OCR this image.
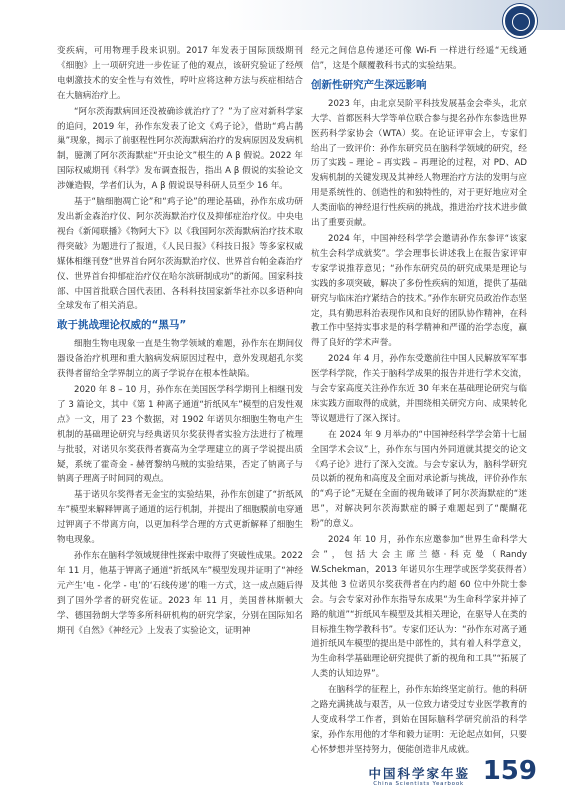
变疾病，可用物理手段来识别。2017 年发表于国际顶级期刊《细胞》上一项研究进一步佐证了他的观点，该研究验证了经颅电刺激技术的安全性与有效性，哼叶应将这种方法与疾症相结合在大脑病治疗上。

“阿尔茨海默病回还没被确诊就治疗了？”为了应对新科学家的追问，2019 年，孙作东发表了论文《鸡子论》，借助“鸡占鹊巢”现象，揭示了前驱程性阿尔茨海默病治疗的发病原因及发病机制，臆测了阿尔茨海默症“开虫论文”根生的 A β 假说。2022 年国际权威期刊《科学》发布调查报告，指出 A β 假说的实验论文涉嫌造假，学者们认为，A β 假说误导科研人员至少 16 年。

基于“脑细胞凋亡论”和“鸡子论”的理论基础，孙作东成功研发出新金森治疗仪、阿尔茨海默治疗仪及抑郁症治疗仪。中央电视台《新闻联播》《物阿大下》以《我国阿尔茨海默病治疗技术取得突破》为题进行了报道，《人民日报》《科技日报》等多家权威媒体相继刊登“世界首台阿尔茨海默治疗仪、世界首台帕金森治疗仪、世界首台抑郁症治疗仪在哈尔滨研制成功”的新闻。国家科技部、中国首批联合国代表团、各科科技国家新华社亦以多语种向全球发布了相关消息。

敢于挑战理论权威的“黑马”

细胞生物电现象一直是生物学领域的难题，孙作东在期间仪器设备治疗机理和重大脑病发病原因过程中，意外发现超孔尔奖获得者留给全学界制立的离子学说存在根本性缺陷。

2020 年 8 – 10 月，孙作东在美国医学科学期刊上相继刊发了 3 篇论文，其中《第 1 种离子通道“折纸风车”模型的启发性观点》一文，用了 23 个数据，对 1902 年诺贝尔细胞生物电产生机制的基础理论研究与经典诺贝尔奖获得者实验方法进行了梳理与批驳，对诺贝尔奖获得者赛高为全学理建立的离子学说提出质疑，系统了霍奇金 - 赫胥黎纳乌贼的实验结果，否定了钠离子与钠离子理离子时间同的观点。

基于诺贝尔奖得者无金宝的实验结果，孙作东创建了“折纸风车”模型来解释钾离子通道的运行机制，并提出了细胞膜前电穿通过钾离子不带离方向，以更加科学合理的方式更新解释了细胞生物电现象。

孙作东在脑科学领域规律性探索中取得了突破性成果。2022 年 11 月，他基于钾离子通道“折纸风车”模型发现并证明了“神经元产生‘电 - 化学 - 电’的‘石线传递’的唯一方式，这一成点随后得到了国外学者的研究佐证。2023 年 11 月，美国普林斯顿大学、德国勃朗大学等多所科研机构的研究学家，分别在国际知名期刊《自然》《神经元》上发表了实验论文，证明神

经元之间信息传递还可像 Wi-Fi 一样进行经遥“无线通信”，这是个颠覆教科书式的实验结果。

创新性研究产生深远影响

2023 年，由北京吴阶平科技发展基金会牵头，北京大学、首都医科大学等单位联合参与提名孙作东参选世界医药科学家协会（WTA）奖。在论证评审会上，专家们给出了一致评价：孙作东研究员在脑科学领域的研究，经历了实践 – 理论 – 再实践 – 再理论的过程，对 PD、AD 发病机制的关键发现及其神经人物理治疗方法的发明与应用是系统性的、创造性的和独特性的，对于更好地应对全人类面临的神经退行性疾病的挑战，推进治疗技术进步做出了重要贡献。

2024 年，中国神经科学学会邀请孙作东参评“该家杭生会科学成就奖”。学会理事长讲述我上在报告家评审专家学说推荐意见；“孙作东研究员的研究成果是理论与实践的多项突破，解决了多份性疾病的知道，提供了基础研究与临床治疗紧结合的技术。”孙作东研究员政治作态坚定，具有勤思科治表现作风和良好的团队协作精神，在科教工作中坚持实事求是的科学精神和严谨的治学态度，赢得了良好的学术声誉。

2024 年 4 月，孙作东受邀前往中国人民解放军军事医学科学院，作关于脑科学成果的报告并进行学术交流，与会专家高度关注孙作东近 30 年来在基础理论研究与临床实践方面取得的成就，并围绕相关研究方向、成果转化等议题进行了深入探讨。

在 2024 年 9 月举办的“中国神经科学学会第十七届全国学术会议”上，孙作东与国内外同道就其提交的论文《鸡子论》进行了深入交流。与会专家认为，脑科学研究员以新的视角和高度及全面对承论新与挑战，评价孙作东的“鸡子论”无疑在全面的视角破译了阿尔茨海默症的“迷思”，对解决阿尔茨海默症的瞬子难题起到了“醍醐花粉”的意义。

2024 年 10 月，孙作东应邀参加“世界生命科学大会”，包括大会主席兰德·科克曼（Randy W.Schekman，2013 年诺贝尔生理学或医学奖获得者）及其他 3 位诺贝尔奖获得者在内约超 60 位中外院士参会。与会专家对孙作东指导东成果“为生命科学家并掉了路的航道”“折纸风车模型及其相关理论，在驱导人在类的目标推生物学教科书”。专家们还认为：“孙作东对离子通道折纸风车模型的提出是中部性的，其有着人科学意义，为生命科学基础理论研究提供了新的视角和工具”“拓展了人类的认知边界”。

在脑科学的征程上，孙作东始终坚定前行。他的科研之路充满挑战与艰苦，从一位致力诸受过专业医学教育的人变成科学工作者，到始在国际脑科学研究前沿的科学家，孙作东用他的才华和毅力证明：无论起点如何，只要心怀梦想并坚持努力，便能创造非凡成就。

中国科学家年鉴
China Scientists Yearbook 159
